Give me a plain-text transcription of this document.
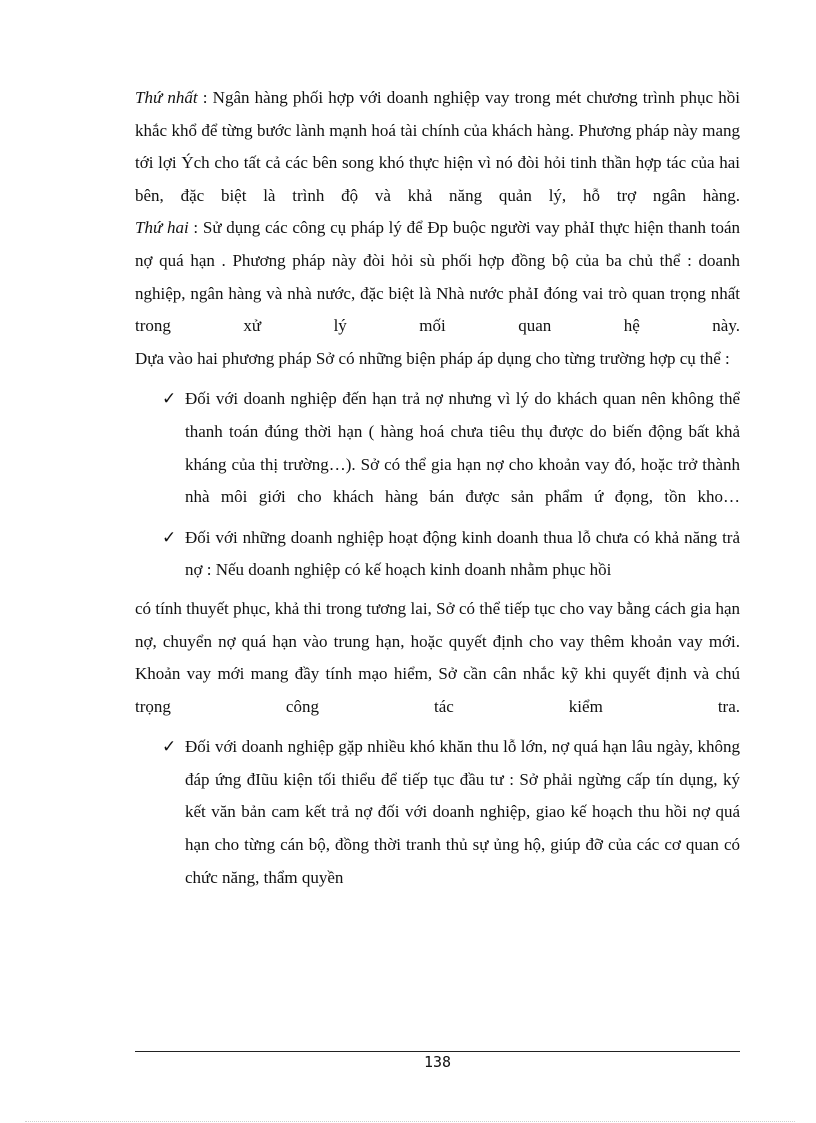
Thứ nhất : Ngân hàng phối hợp với doanh nghiệp vay trong mét chương trình phục hồi khắc khổ để từng bước lành mạnh hoá tài chính của khách hàng. Phương pháp này mang tới lợi Ých cho tất cả các bên song khó thực hiện vì nó đòi hỏi tinh thần hợp tác của hai bên, đặc biệt là trình độ và khả năng quản lý, hỗ trợ ngân hàng.

Thứ hai : Sử dụng các công cụ pháp lý để Đp buộc người vay phảI thực hiện thanh toán nợ quá hạn . Phương pháp này đòi hỏi sù phối hợp đồng bộ của ba chủ thể : doanh nghiệp, ngân hàng và nhà nước, đặc biệt là Nhà nước phảI đóng vai trò quan trọng nhất trong xử lý mối quan hệ này.

Dựa vào hai phương pháp Sở có những biện pháp áp dụng cho từng trường hợp cụ thể :

✓ Đối với doanh nghiệp đến hạn trả nợ nhưng vì lý do khách quan nên không thể thanh toán đúng thời hạn ( hàng hoá chưa tiêu thụ được do biến động bất khả kháng của thị trường…). Sở có thể gia hạn nợ cho khoản vay đó, hoặc trở thành nhà môi giới cho khách hàng bán được sản phẩm ứ đọng, tồn kho…
✓ Đối với những doanh nghiệp hoạt động kinh doanh thua lỗ chưa có khả năng trả nợ : Nếu doanh nghiệp có kế hoạch kinh doanh nhằm phục hồi

có tính thuyết phục, khả thi trong tương lai, Sở có thể tiếp tục cho vay bằng cách gia hạn nợ, chuyển nợ quá hạn vào trung hạn, hoặc quyết định cho vay thêm khoản vay mới. Khoản vay mới mang đầy tính mạo hiểm, Sở cần cân nhắc kỹ khi quyết định và chú trọng công tác kiểm tra.

✓ Đối với doanh nghiệp gặp nhiều khó khăn thu lỗ lớn, nợ quá hạn lâu ngày, không đáp ứng đIũu kiện tối thiểu để tiếp tục đầu tư : Sở phải ngừng cấp tín dụng, ký kết văn bản cam kết trả nợ đối với doanh nghiệp, giao kế hoạch thu hồi nợ quá hạn cho từng cán bộ, đồng thời tranh thủ sự ủng hộ, giúp đỡ của các cơ quan có chức năng, thẩm quyền
138
